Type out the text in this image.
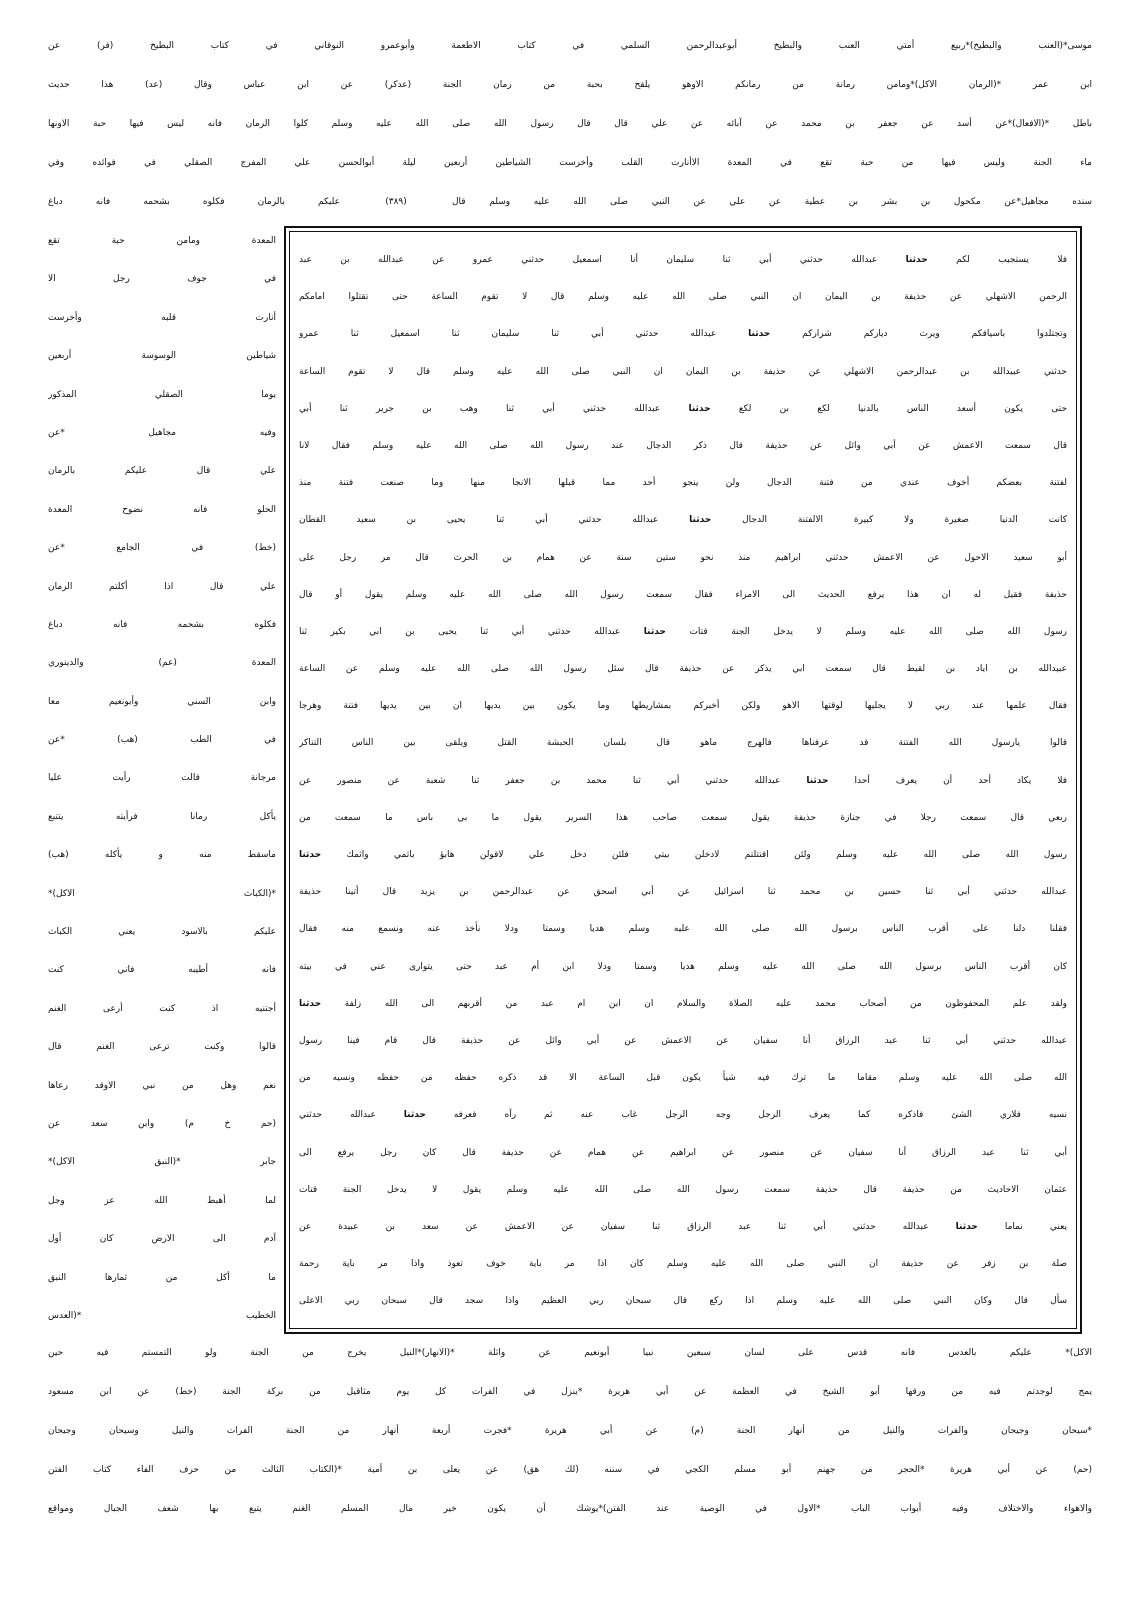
موسى*(العنب والبطيخ)*ربيع أمتي العنب والبطيخ أبوعبدالرحمن السلمي في كتاب الاطعمة وأبوعمرو النوقاني في كتاب البطيخ (فر) عن
ابن عمر *(الرمان الاكل)*ومامن رمانة من رمانكم الاوهو يلقح بحبة من رمان الجنة (عدكر) عن ابن عباس وقال (عد) هذا حديث
باطل *(الافعال)*عن أسد عن جعفر بن محمد عن آبائه عن علي قال قال رسول الله صلى الله عليه وسلم كلوا الرمان فانه ليس فيها حبة الاونها
ماء الجنة وليس فيها من حبة تقع في المعدة الاأنارت القلب وأخرست الشياطين أربعين ليلة أبوالحسن علي المفرج الصقلي في فوائده وفي
سنده مجاهيل*عن مكحول بن بشر بن عطية عن علي عن النبي صلى الله عليه وسلم قال
(٣٨٩)
عليكم بالرمان فكلوه بشحمه فانه دباغ
فلا يستجيب لكم حدثنا عبدالله حدثني أبي ثنا سليمان أنا اسمعيل حدثني عمرو عن عبدالله بن عبد
الرحمن الاشهلي عن حذيفة بن اليمان ان النبي صلى الله عليه وسلم قال لا تقوم الساعة حتى تقتلوا امامكم
وتجتلدوا باسيافكم ويرث دياركم شراركم حدثنا عبدالله حدثني أبي ثنا سليمان ثنا اسمعيل ثنا عمرو
حدثني عبيدالله بن عبدالرحمن الاشهلي عن حذيفة بن اليمان ان النبي صلى الله عليه وسلم قال لا تقوم الساعة
حتى يكون أسعد الناس بالدنيا لكع بن لكع حدثنا عبدالله حدثني أبي ثنا وهب بن جرير ثنا أبي
قال سمعت الاعمش عن أبي وائل عن حذيفة قال ذكر الدجال عند رسول الله صلى الله عليه وسلم فقال لانا
لفتنة بعضكم أخوف عندي من فتنة الدجال ولن ينجو أحد مما قبلها الانجا منها وما صنعت فتنة منذ
كانت الدنيا صغيرة ولا كبيرة الالفتنة الدجال حدثنا عبدالله حدثني أبي ثنا يحيى بن سعيد القطان
أبو سعيد الاحول عن الاعمش حدثني ابراهيم منذ نحو ستين سنة عن همام بن الحرث قال مر رجل على
حذيفة فقيل له ان هذا يرفع الحديث الى الامراء فقال سمعت رسول الله صلى الله عليه وسلم يقول أو قال
رسول الله صلى الله عليه وسلم لا يدخل الجنة قتات حدثنا عبدالله حدثني أبي ثنا يحيى بن ابي بكير ثنا
عبيدالله بن اياد بن لقيط قال سمعت ابي يذكر عن حذيفة قال سئل رسول الله صلى الله عليه وسلم عن الساعة
فقال علمها عند ربي لا يجليها لوقتها الاهو ولكن أخبركم بمشاريطها وما يكون بين يديها ان بين يديها فتنة وهرجا
قالوا يارسول الله الفتنة قد عرفناها فالهرج ماهو قال بلسان الحبشة القتل ويلقى بين الناس التناكر
فلا يكاد أحد أن يعرف أحدا حدثنا عبدالله حدثني أبي ثنا محمد بن جعفر ثنا شعبة عن منصور عن
ربعي قال سمعت رجلا في جنازة حذيفة يقول سمعت صاحب هذا السرير يقول ما بي باس ما سمعت من
رسول الله صلى الله عليه وسلم ولئن اقتتلتم لادخلن بيتي فلئن دخل علي لاقولن هابؤ باثمي واثمك حدثنا
عبدالله حدثني أبي ثنا حسين بن محمد ثنا اسرائيل عن أبي اسحق عن عبدالرحمن بن يزيد قال أتينا حذيفة
فقلنا دلنا على أقرب الناس برسول الله صلى الله عليه وسلم هديا وسمتا ودلا نأخذ عنه ونسمع منه فقال
كان أقرب الناس برسول الله صلى الله عليه وسلم هديا وسمتا ودلا ابن أم عبد حتى يتوارى عني في بيته
ولقد علم المحفوظون من أصحاب محمد عليه الصلاة والسلام ان ابن ام عبد من أقربهم الى الله زلفة حدثنا
عبدالله حدثني أبي ثنا عبد الرزاق أنا سفيان عن الاعمش عن أبي وائل عن حذيفة قال قام فينا رسول
الله صلى الله عليه وسلم مقاما ما ترك فيه شيأ يكون قبل الساعة الا قد ذكره حفظه من حفظه ونسيه من
نسيه فلاري الشئ فاذكره كما يعرف الرجل وجه الرجل غاب عنه ثم رآه فعرفه حدثنا عبدالله حدثني
أبي ثنا عبد الرزاق أنا سفيان عن منصور عن ابراهيم عن همام عن حذيفة قال كان رجل يرفع الى
عثمان الاحاديث من حذيفة قال حذيفة سمعت رسول الله صلى الله عليه وسلم يقول لا يدخل الجنة قتات
يعني نماما حدثنا عبدالله حدثني أبي ثنا عبد الرزاق ثنا سفيان عن الاعمش عن سعد بن عبيدة عن
صلة بن زفر عن حذيفة ان النبي صلى الله عليه وسلم كان اذا مر باية خوف تعوذ واذا مر باية رحمة
سأل قال وكان النبي صلى الله عليه وسلم اذا ركع قال سبحان ربي العظيم واذا سجد قال سبحان ربي الاعلى
المعدة ومامن حبة تقع
في جوف رجل الا
أنارت قلبه وأخرست
شياطين الوسوسة أربعين
يوما الصقلي المذكور
وفيه مجاهيل *عن
علي قال عليكم بالرمان
الحلو فانه نضوح المعدة
(خط) في الجامع *عن
علي قال اذا أكلتم الرمان
فكلوه بشحمه فانه دباغ
المعدة (عم) والدينوري
وابن السني وأبونعيم معا
في الطب (هب) *عن
مرجانة قالت رأيت عليا
يأكل رمانا فرأيته يتتبع
ماسقط منه و يأكله (هب)
*(الكباث الاكل)*
عليكم بالاسود يعني الكباث
فانه أطيبه فاني كنت
أجتنيه اذ كنت أرعى الغنم
قالوا وكنت ترعى الغنم قال
نعم وهل من نبي الاوقد رعاها
(حم خ م) وابن سعد عن
جابر *(النبق الاكل)*
لما أهبط الله عز وجل
آدم الى الارض كان أول
ما أكل من ثمارها النبق
الخطيب *(العدس
الاكل)* عليكم بالعدس فانه قدس على لسان سبعين نبيا أبونعيم عن واثلة *(الانهار)*النيل يخرج من الجنة ولو التمستم فيه حين
يمج لوجدتم فيه من ورقها أبو الشيخ في العظمة عن أبي هريرة *ينزل في الفرات كل يوم مثاقيل من بركة الجنة (خط) عن ابن مسعود
*سيحان وجيحان والفرات والنيل من أنهار الجنة (م) عن أبي هريرة *فجرت أربعة أنهار من الجنة الفرات والنيل وسيحان وجيحان
(حم) عن أبي هريرة *الحجر من جهنم أبو مسلم الكجي في سننه (لك هق) عن يعلى بن أمية *(الكتاب الثالث من حرف الفاء كتاب الفتن
والاهواء والاختلاف وفيه أبواب الباب *الاول في الوصية عند الفتن)*يوشك أن يكون خير مال المسلم الغنم يتبع بها شعف الجبال ومواقع
